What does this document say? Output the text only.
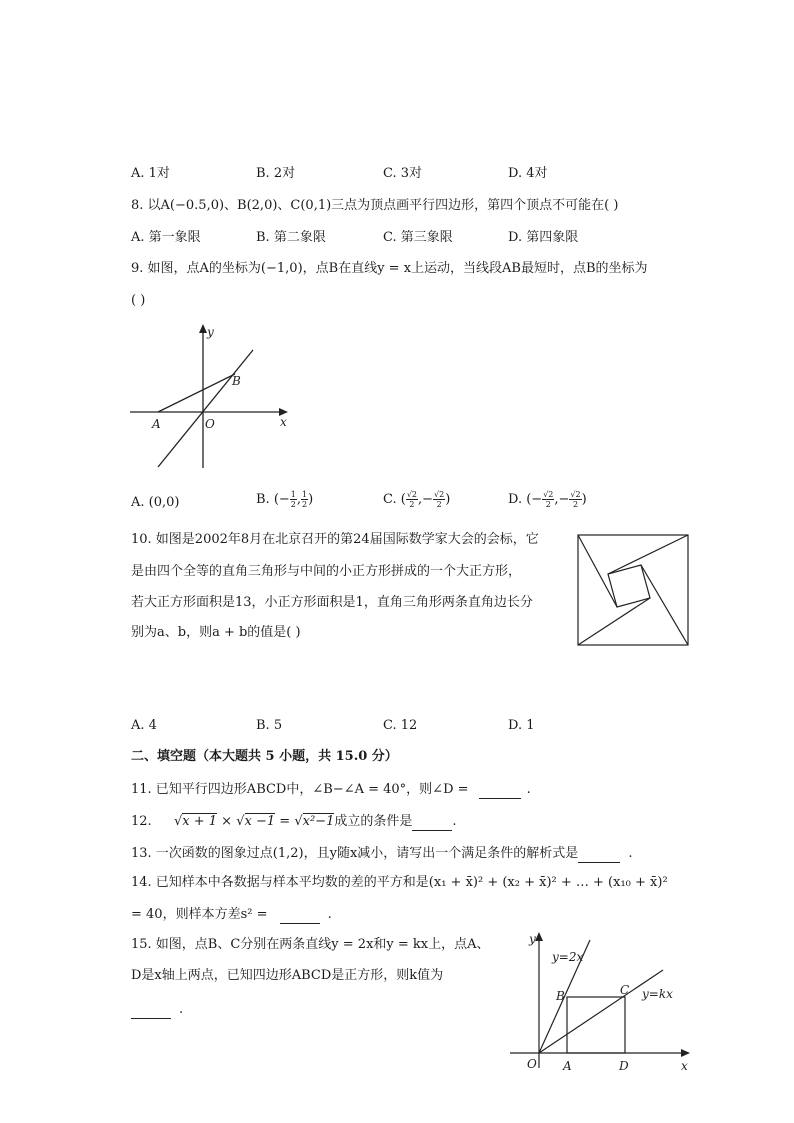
A. 1对	B. 2对	C. 3对	D. 4对
8. 以A(−0.5,0)、B(2,0)、C(0,1)三点为顶点画平行四边形，第四个顶点不可能在( )
A. 第一象限	B. 第二象限	C. 第三象限	D. 第四象限
9. 如图，点A的坐标为(−1,0)，点B在直线y = x上运动，当线段AB最短时，点B的坐标为
( )
y
x
A	O
B
A. (0,0)	B. (− $\frac{1}{2}$ , $\frac{1}{2}$ )	C. ( $\frac{√2}{2}$ ,− $\frac{√2}{2}$ )	D. (− $\frac{√2}{2}$ ,− $\frac{√2}{2}$ )
10. 如图是2002年8月在北京召开的第24届国际数学家大会的会标，它
是由四个全等的直角三角形与中间的小正方形拼成的一个大正方形，
若大正方形面积是13，小正方形面积是1，直角三角形两条直角边长分
别为a、b，则a + b的值是( )
A. 4	B. 5	C. 12	D. 1
二、填空题（本大题共 5 小题，共 15.0 分）
11. 已知平行四边形ABCD中，∠B−∠A = 40°，则∠D =	.
12. √x + 1 × √x −1 = √x²−1成立的条件是	.
13. 一次函数的图象过点(1,2)，且y随x减小，请写出一个满足条件的解析式是	.
14. 已知样本中各数据与样本平均数的差的平方和是(x₁ + x̄)² + (x₂ + x̄)² + … + (x₁₀ + x̄)²
= 40，则样本方差s² =	.
15. 如图，点B、C分别在两条直线y = 2x和y = kx上，点A、
D是x轴上两点，已知四边形ABCD是正方形，则k值为
.
y
x
O A	D
B	C
y=2x
y=kx
